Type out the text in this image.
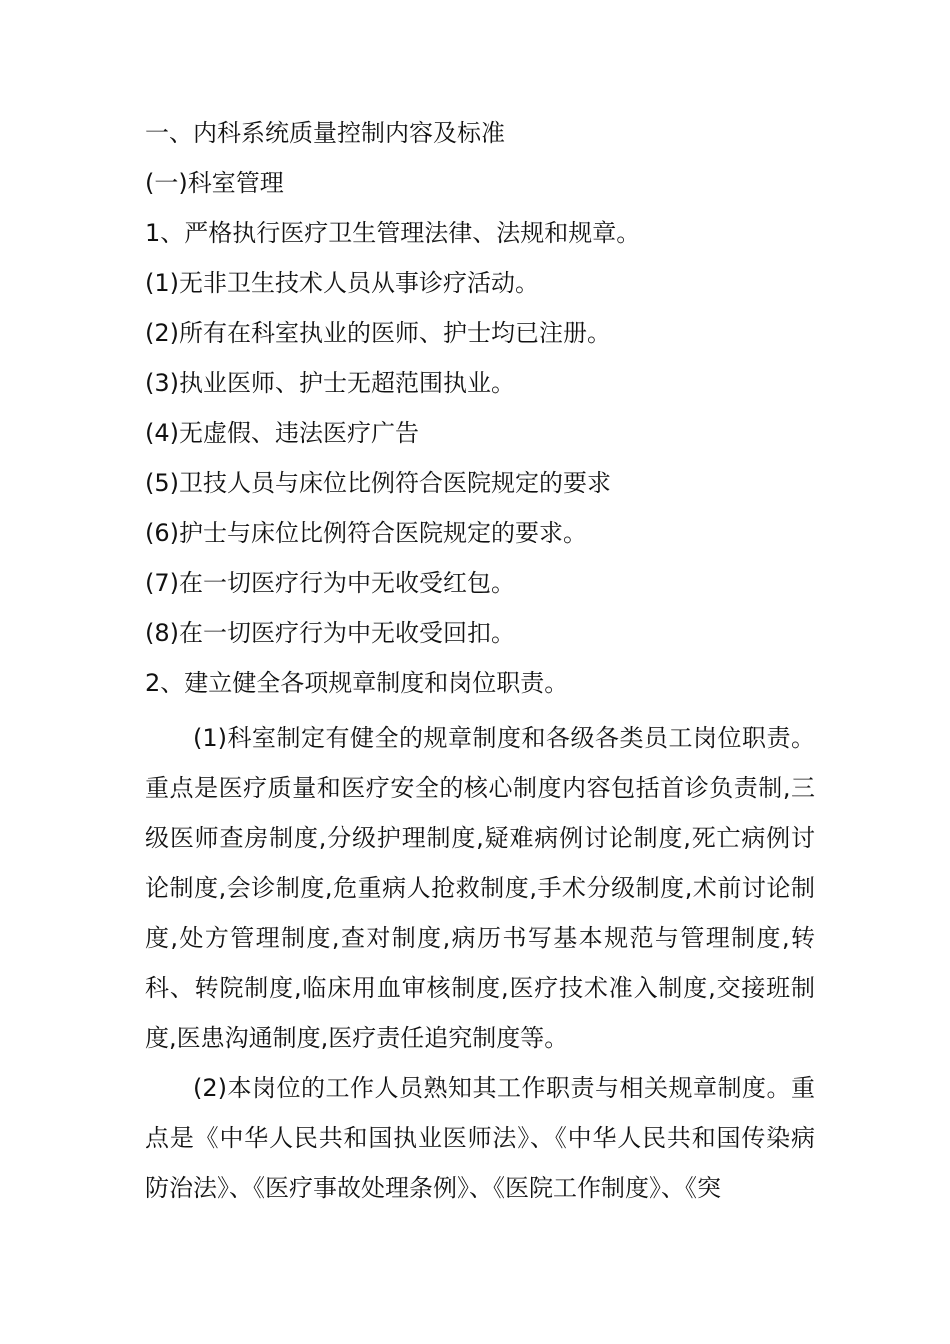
一、内科系统质量控制内容及标准
(一)科室管理
1、严格执行医疗卫生管理法律、法规和规章。
(1)无非卫生技术人员从事诊疗活动。
(2)所有在科室执业的医师、护士均已注册。
(3)执业医师、护士无超范围执业。
(4)无虚假、违法医疗广告
(5)卫技人员与床位比例符合医院规定的要求
(6)护士与床位比例符合医院规定的要求。
(7)在一切医疗行为中无收受红包。
(8)在一切医疗行为中无收受回扣。
2、建立健全各项规章制度和岗位职责。

(1)科室制定有健全的规章制度和各级各类员工岗位职责。重点是医疗质量和医疗安全的核心制度内容包括首诊负责制,三级医师查房制度,分级护理制度,疑难病例讨论制度,死亡病例讨论制度,会诊制度,危重病人抢救制度,手术分级制度,术前讨论制度,处方管理制度,查对制度,病历书写基本规范与管理制度,转科、转院制度,临床用血审核制度,医疗技术准入制度,交接班制度,医患沟通制度,医疗责任追究制度等。

(2)本岗位的工作人员熟知其工作职责与相关规章制度。重点是《中华人民共和国执业医师法》、《中华人民共和国传染病防治法》、《医疗事故处理条例》、《医院工作制度》、《突
